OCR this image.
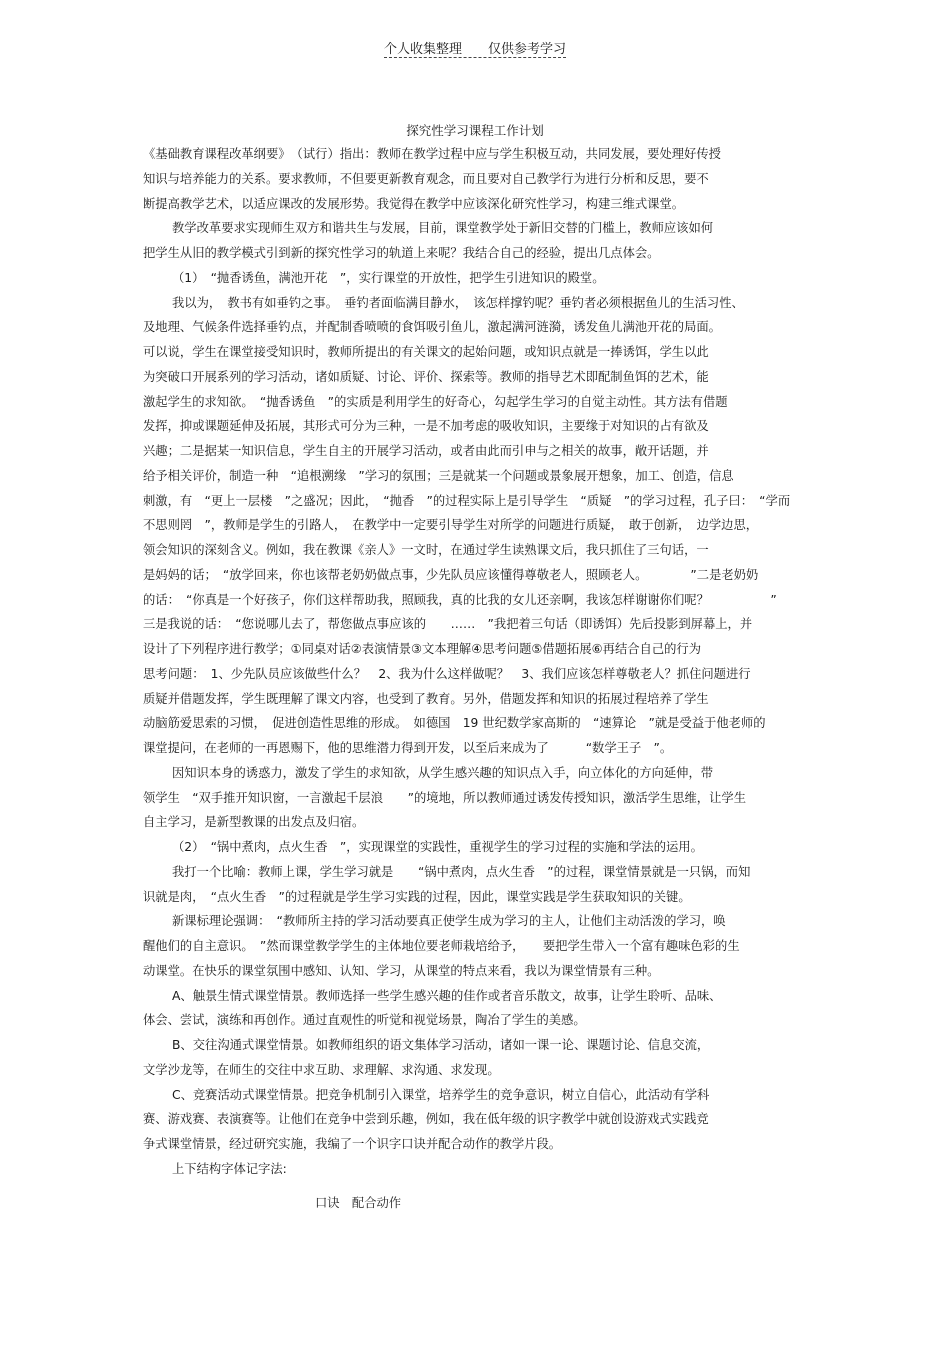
个人收集整理　　仅供参考学习
探究性学习课程工作计划
《基础教育课程改革纲要》　（试行）指出：教师在教学过程中应与学生积极互动，共同发展，要处理好传授
知识与培养能力的关系。要求教师，不但要更新教育观念，而且要对自己教学行为进行分析和反思，要不
断提高教学艺术，以适应课改的发展形势。我觉得在教学中应该深化研究性学习，构建三维式课堂。
教学改革要求实现师生双方和谐共生与发展，目前，课堂教学处于新旧交替的门槛上，教师应该如何
把学生从旧的教学模式引到新的探究性学习的轨道上来呢？我结合自己的经验，提出几点体会。
（1）　“抛香诱鱼，满池开花　”，实行课堂的开放性，把学生引进知识的殿堂。
我以为，　教书有如垂钓之事。　垂钓者面临满目静水，　该怎样撑钓呢？垂钓者必须根据鱼儿的生活习性、
及地理、气候条件选择垂钓点，并配制香喷喷的食饵吸引鱼儿，激起满河涟漪，诱发鱼儿满池开花的局面。
可以说，学生在课堂接受知识时，教师所提出的有关课文的起始问题，或知识点就是一捧诱饵，学生以此
为突破口开展系列的学习活动，诸如质疑、讨论、评价、探索等。教师的指导艺术即配制鱼饵的艺术，能
激起学生的求知欲。　“抛香诱鱼　”的实质是利用学生的好奇心，勾起学生学习的自觉主动性。其方法有借题
发挥，抑或课题延伸及拓展，其形式可分为三种，一是不加考虑的吸收知识，主要缘于对知识的占有欲及
兴趣；二是据某一知识信息，学生自主的开展学习活动，或者由此而引申与之相关的故事，敞开话题，并
给予相关评价，制造一种　“追根溯缘　”学习的氛围；三是就某一个问题或景象展开想象，加工、创造，信息
刺激，有　“更上一层楼　”之盛况；因此，　“抛香　”的过程实际上是引导学生　“质疑　”的学习过程，孔子曰：　“学而
不思则罔　”，教师是学生的引路人，　在教学中一定要引导学生对所学的问题进行质疑，　敢于创新，　边学边思，
领会知识的深刻含义。例如，我在教课《亲人》一文时，在通过学生读熟课文后，我只抓住了三句话，一
是妈妈的话；　“放学回来，你也该帮老奶奶做点事，少先队员应该懂得尊敬老人，照顾老人。　　　　”二是老奶奶
的话：　“你真是一个好孩子，你们这样帮助我，照顾我，真的比我的女儿还亲啊，我该怎样谢谢你们呢？　　　　　”
三是我说的话：　“您说哪儿去了，帮您做点事应该的　　……　”我把着三句话（即诱饵）先后投影到屏幕上，并
设计了下列程序进行教学；①同桌对话②表演情景③文本理解④思考问题⑤借题拓展⑥再结合自己的行为
思考问题：　1、少先队员应该做些什么？　2、我为什么这样做呢？　3、我们应该怎样尊敬老人？抓住问题进行
质疑并借题发挥，学生既理解了课文内容，也受到了教育。另外，借题发挥和知识的拓展过程培养了学生
动脑筋爱思索的习惯，　促进创造性思维的形成。　如德国　19 世纪数学家高斯的　“速算论　”就是受益于他老师的
课堂提问，在老师的一再恩赐下，他的思维潜力得到开发，以至后来成为了　　　“数学王子　”。
因知识本身的诱惑力，激发了学生的求知欲，从学生感兴趣的知识点入手，向立体化的方向延伸，带
领学生　“双手推开知识窗，一言激起千层浪　　”的境地，所以教师通过诱发传授知识，激活学生思维，让学生
自主学习，是新型教课的出发点及归宿。
（2）　“锅中煮肉，点火生香　”，实现课堂的实践性，重视学生的学习过程的实施和学法的运用。
我打一个比喻：教师上课，学生学习就是　　“锅中煮肉，点火生香　”的过程，课堂情景就是一只锅，而知
识就是肉，　“点火生香　”的过程就是学生学习实践的过程，因此，课堂实践是学生获取知识的关键。
新课标理论强调：　“教师所主持的学习活动要真正使学生成为学习的主人，让他们主动活泼的学习，唤
醒他们的自主意识。　”然而课堂教学学生的主体地位要老师栽培给予，　　要把学生带入一个富有趣味色彩的生
动课堂。在快乐的课堂氛围中感知、认知、学习，从课堂的特点来看，我以为课堂情景有三种。
A、触景生情式课堂情景。教师选择一些学生感兴趣的佳作或者音乐散文，故事，让学生聆听、品味、
体会、尝试，演练和再创作。通过直观性的听觉和视觉场景，陶冶了学生的美感。
B、交往沟通式课堂情景。如教师组织的语文集体学习活动，诸如一课一论、课题讨论、信息交流，
文学沙龙等，在师生的交往中求互助、求理解、求沟通、求发现。
C、竞赛活动式课堂情景。把竞争机制引入课堂，培养学生的竞争意识，树立自信心，此活动有学科
赛、游戏赛、表演赛等。让他们在竞争中尝到乐趣，例如，我在低年级的识字教学中就创设游戏式实践竞
争式课堂情景，经过研究实施，我编了一个识字口诀并配合动作的教学片段。
上下结构字体记字法:
口诀　配合动作
